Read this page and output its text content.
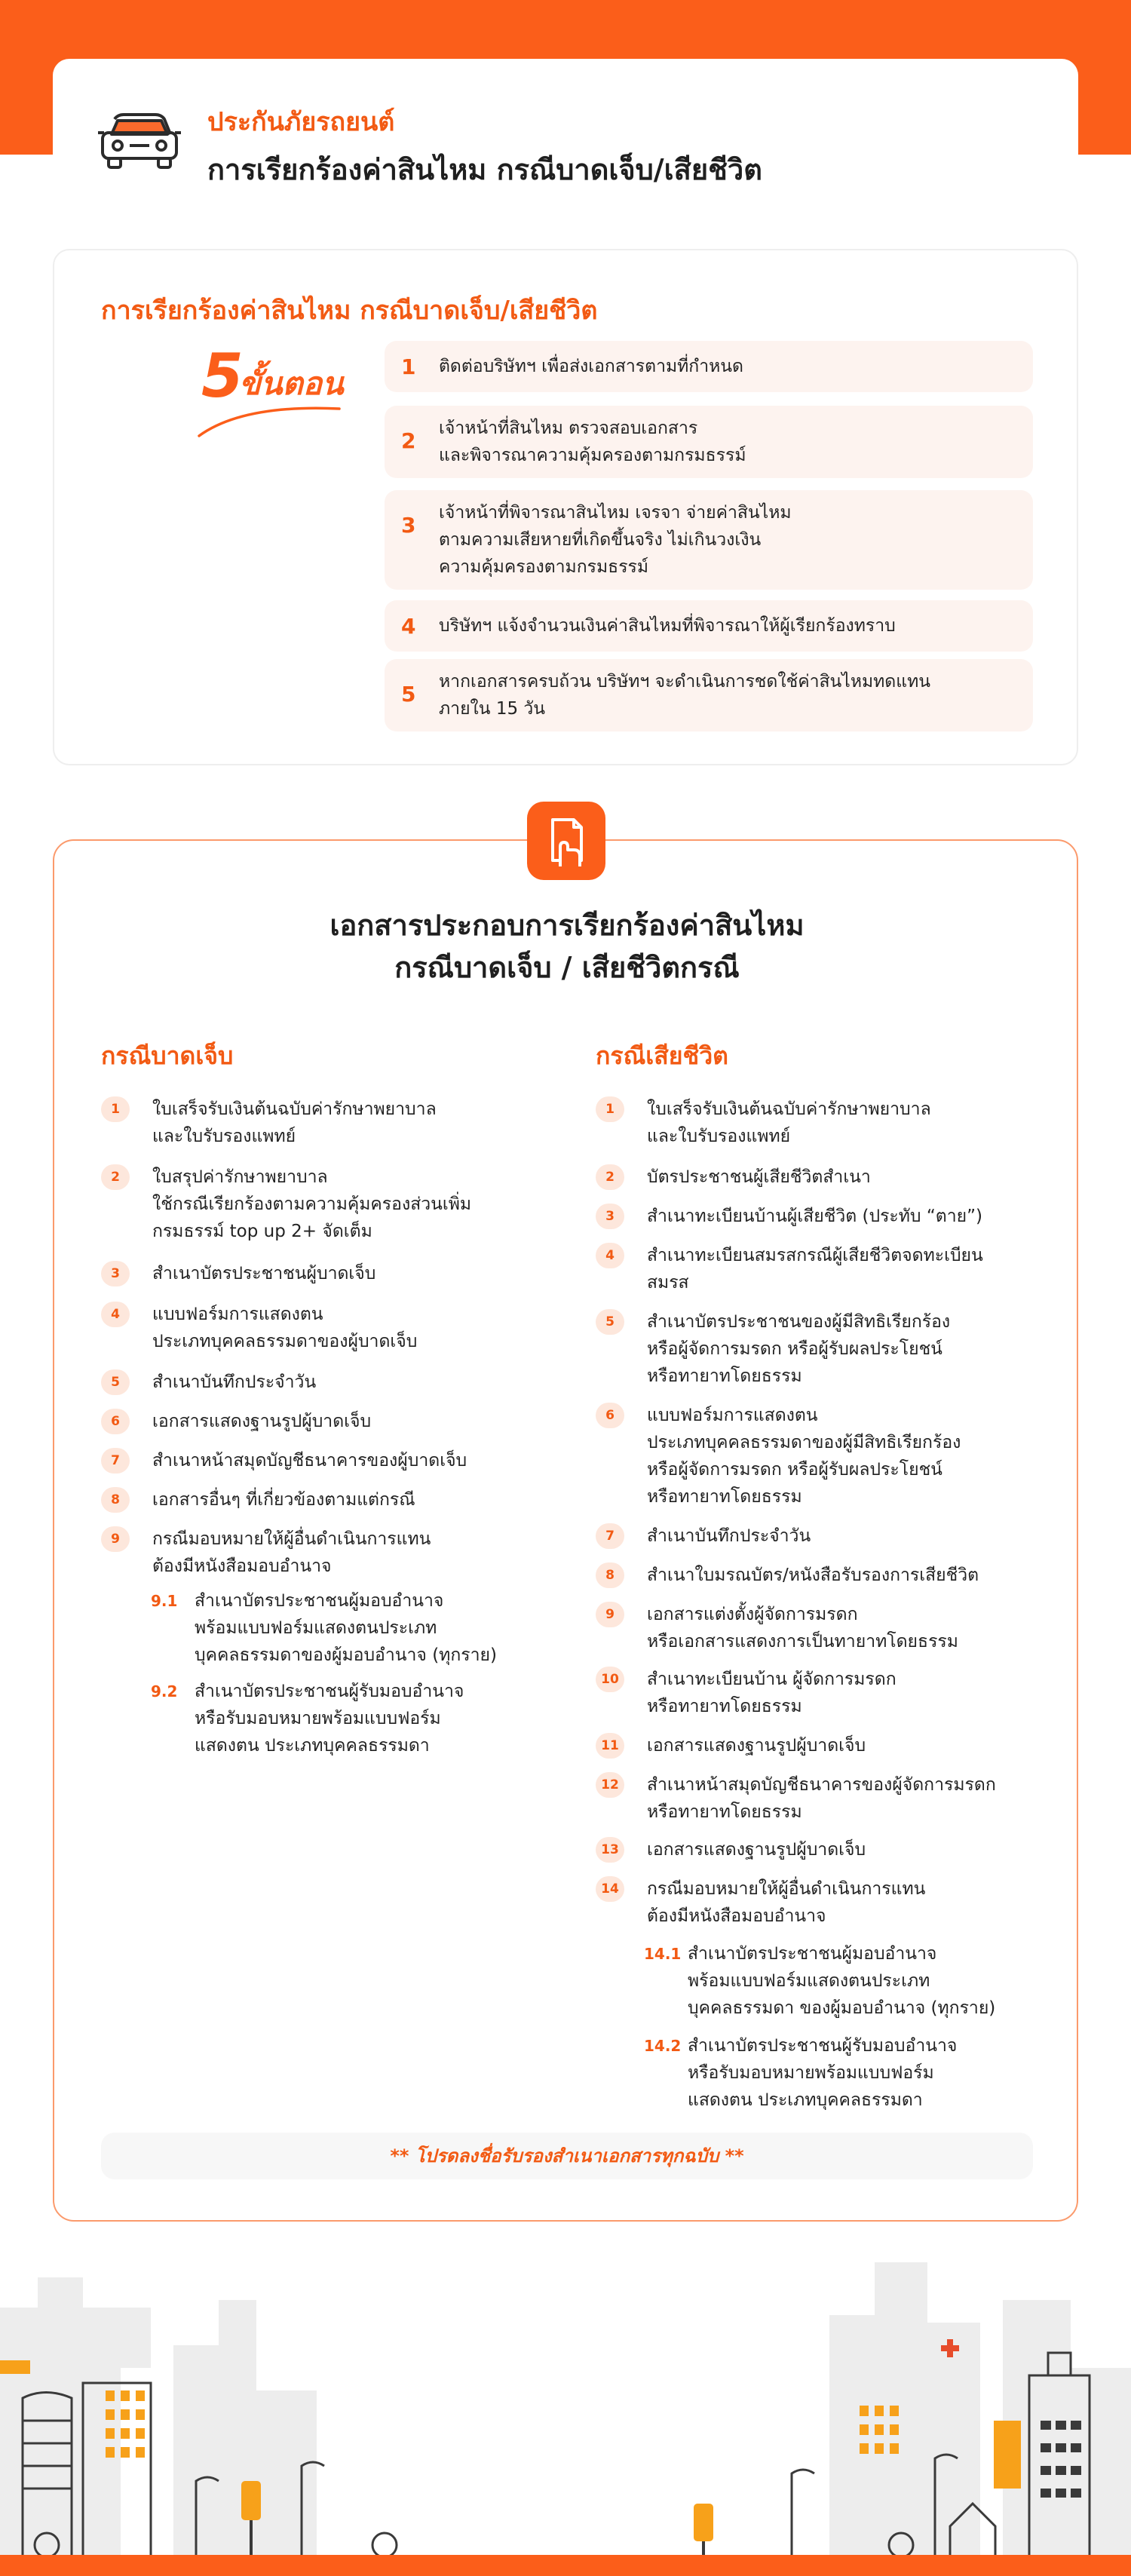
ประกันภัยรถยนต์
การเรียกร้องค่าสินไหม กรณีบาดเจ็บ/เสียชีวิต
การเรียกร้องค่าสินไหม กรณีบาดเจ็บ/เสียชีวิต
5
ขั้นตอน	1 ติดต่อบริษัทฯ เพื่อส่งเอกสารตามที่กำหนด
2 เจ้าหน้าที่สินไหม ตรวจสอบเอกสาร
และพิจารณาความคุ้มครองตามกรมธรรม์
3 เจ้าหน้าที่พิจารณาสินไหม เจรจา จ่ายค่าสินไหม
ตามความเสียหายที่เกิดขึ้นจริง ไม่เกินวงเงิน
ความคุ้มครองตามกรมธรรม์
4 บริษัทฯ แจ้งจำนวนเงินค่าสินไหมที่พิจารณาให้ผู้เรียกร้องทราบ
5 หากเอกสารครบถ้วน บริษัทฯ จะดำเนินการชดใช้ค่าสินไหมทดแทน
ภายใน 15 วัน
เอกสารประกอบการเรียกร้องค่าสินไหม
กรณีบาดเจ็บ / เสียชีวิตกรณี
กรณีบาดเจ็บ	กรณีเสียชีวิต
1	ใบเสร็จรับเงินต้นฉบับค่ารักษาพยาบาล
และใบรับรองแพทย์
2	ใบสรุปค่ารักษาพยาบาล
ใช้กรณีเรียกร้องตามความคุ้มครองส่วนเพิ่ม
กรมธรรม์ top up 2+ จัดเต็ม
3	สำเนาบัตรประชาชนผู้บาดเจ็บ
4	แบบฟอร์มการแสดงตน
ประเภทบุคคลธรรมดาของผู้บาดเจ็บ
5	สำเนาบันทึกประจำวัน
6	เอกสารแสดงฐานรูปผู้บาดเจ็บ
7	สำเนาหน้าสมุดบัญชีธนาคารของผู้บาดเจ็บ
8	เอกสารอื่นๆ ที่เกี่ยวข้องตามแต่กรณี
9	กรณีมอบหมายให้ผู้อื่นดำเนินการแทน
ต้องมีหนังสือมอบอำนาจ
9.1 สำเนาบัตรประชาชนผู้มอบอำนาจ
พร้อมแบบฟอร์มแสดงตนประเภท
บุคคลธรรมดาของผู้มอบอำนาจ (ทุกราย)
9.2 สำเนาบัตรประชาชนผู้รับมอบอำนาจ
หรือรับมอบหมายพร้อมแบบฟอร์ม
แสดงตน ประเภทบุคคลธรรมดา
1	ใบเสร็จรับเงินต้นฉบับค่ารักษาพยาบาล
และใบรับรองแพทย์
2	บัตรประชาชนผู้เสียชีวิตสำเนา
3	สำเนาทะเบียนบ้านผู้เสียชีวิต (ประทับ “ตาย”)
4	สำเนาทะเบียนสมรสกรณีผู้เสียชีวิตจดทะเบียน
สมรส
5	สำเนาบัตรประชาชนของผู้มีสิทธิเรียกร้อง
หรือผู้จัดการมรดก หรือผู้รับผลประโยชน์
หรือทายาทโดยธรรม
6	แบบฟอร์มการแสดงตน
ประเภทบุคคลธรรมดาของผู้มีสิทธิเรียกร้อง
หรือผู้จัดการมรดก หรือผู้รับผลประโยชน์
หรือทายาทโดยธรรม
7	สำเนาบันทึกประจำวัน
8	สำเนาใบมรณบัตร/หนังสือรับรองการเสียชีวิต
9	เอกสารแต่งตั้งผู้จัดการมรดก
หรือเอกสารแสดงการเป็นทายาทโดยธรรม
10	สำเนาทะเบียนบ้าน ผู้จัดการมรดก
หรือทายาทโดยธรรม
11	เอกสารแสดงฐานรูปผู้บาดเจ็บ
12	สำเนาหน้าสมุดบัญชีธนาคารของผู้จัดการมรดก
หรือทายาทโดยธรรม
13	เอกสารแสดงฐานรูปผู้บาดเจ็บ
14	กรณีมอบหมายให้ผู้อื่นดำเนินการแทน
ต้องมีหนังสือมอบอำนาจ
14.1 สำเนาบัตรประชาชนผู้มอบอำนาจ
พร้อมแบบฟอร์มแสดงตนประเภท
บุคคลธรรมดา ของผู้มอบอำนาจ (ทุกราย)
14.2 สำเนาบัตรประชาชนผู้รับมอบอำนาจ
หรือรับมอบหมายพร้อมแบบฟอร์ม
แสดงตน ประเภทบุคคลธรรมดา
** โปรดลงชื่อรับรองสำเนาเอกสารทุกฉบับ **
